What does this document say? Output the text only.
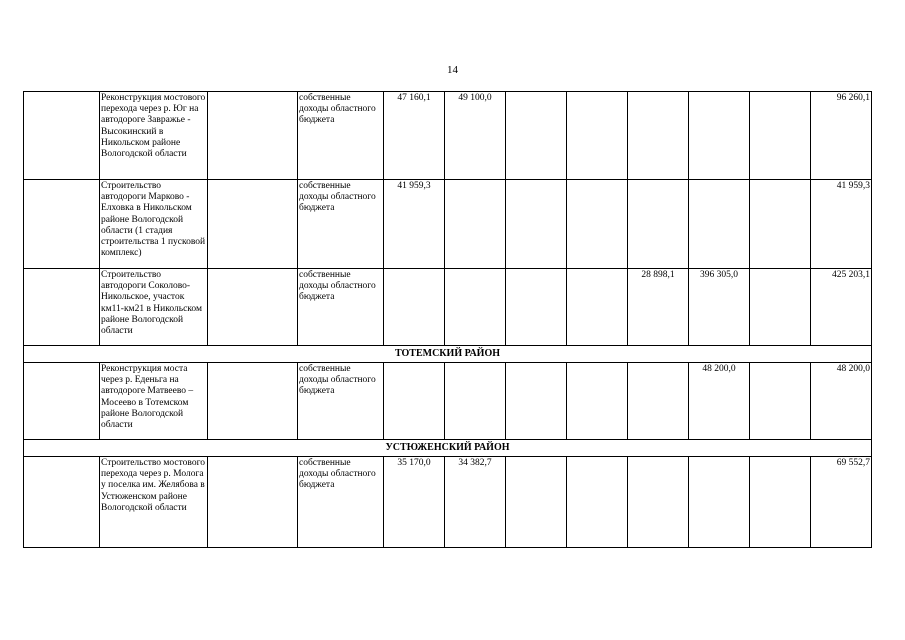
14
	Реконструкция мостового перехода через р. Юг на автодороге Завражье - Высокинский в Никольском районе Вологодской области		собственные доходы областного бюджета	47 160,1	49 100,0						96 260,1
	Строительство автодороги Марково - Елховка в Никольском районе Вологодской области (1 стадия строительства 1 пусковой комплекс)		собственные доходы областного бюджета	41 959,3							41 959,3
	Строительство автодороги Соколово-Никольское, участок км11-км21 в Никольском районе Вологодской области		собственные доходы областного бюджета					28 898,1	396 305,0		425 203,1
ТОТЕМСКИЙ РАЙОН											
	Реконструкция моста через р. Еденьга на автодороге Матвеево – Мосеево в Тотемском районе Вологодской области		собственные доходы областного бюджета						48 200,0		48 200,0
УСТЮЖЕНСКИЙ РАЙОН											
	Строительство мостового перехода через р. Молога у поселка им. Желябова в Устюженском районе Вологодской области		собственные доходы областного бюджета	35 170,0	34 382,7						69 552,7
